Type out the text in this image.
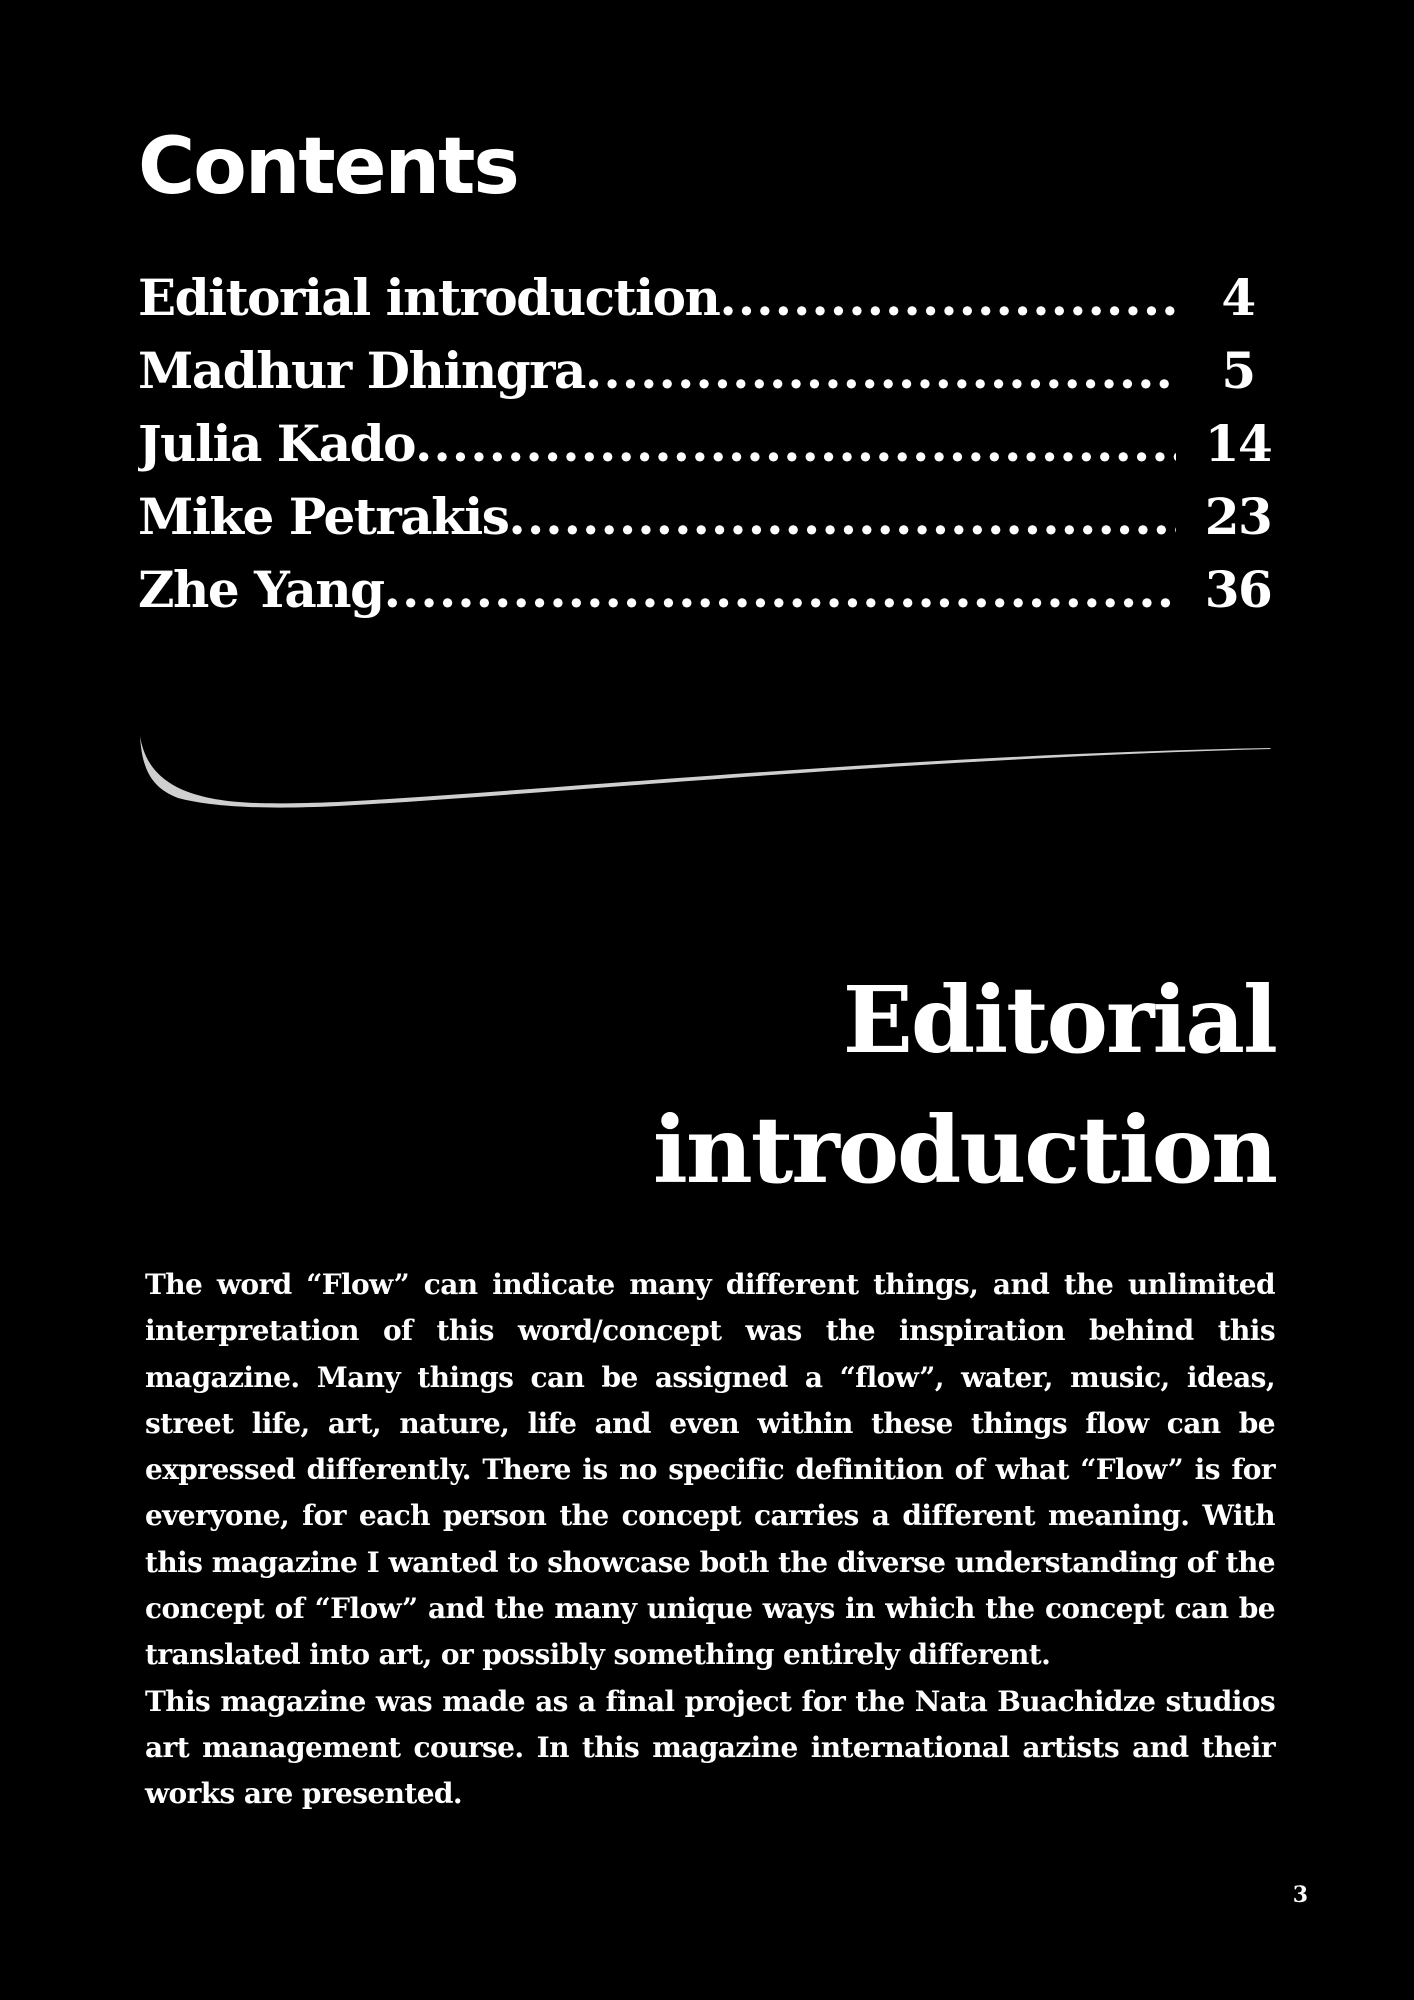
Contents
Editorial introduction .....	4
Madhur Dhingra .....	5
Julia Kado .....	14
Mike Petrakis .....	23
Zhe Yang .....	36
Editorial
introduction

The word “Flow” can indicate many different things, and the unlimited interpretation of this word/concept was the inspiration behind this magazine. Many things can be assigned a “flow”, water, music, ideas, street life, art, nature, life and even within these things flow can be expressed differently. There is no specific definition of what “Flow” is for everyone, for each person the concept carries a different meaning. With this magazine I wanted to showcase both the diverse understanding of the concept of “Flow” and the many unique ways in which the concept can be translated into art, or possibly something entirely different.

This magazine was made as a final project for the Nata Buachidze studios art management course. In this magazine international artists and their works are presented.

3
